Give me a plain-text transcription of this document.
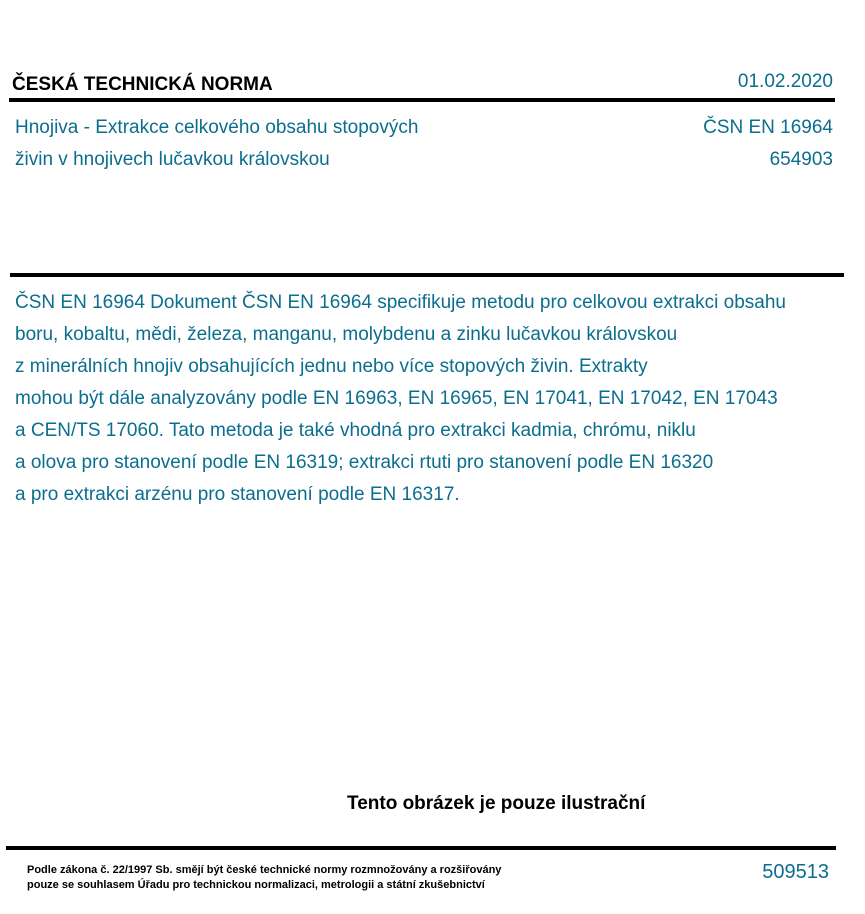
ČESKÁ TECHNICKÁ NORMA	01.02.2020
Hnojiva - Extrakce celkového obsahu stopových
živin v hnojivech lučavkou královskou
ČSN EN 16964
654903
ČSN EN 16964 Dokument ČSN EN 16964 specifikuje metodu pro celkovou extrakci obsahu
boru, kobaltu, mědi, železa, manganu, molybdenu a zinku lučavkou královskou
z minerálních hnojiv obsahujících jednu nebo více stopových živin. Extrakty
mohou být dále analyzovány podle EN 16963, EN 16965, EN 17041, EN 17042, EN 17043
a CEN/TS 17060. Tato metoda je také vhodná pro extrakci kadmia, chrómu, niklu
a olova pro stanovení podle EN 16319; extrakci rtuti pro stanovení podle EN 16320
a pro extrakci arzénu pro stanovení podle EN 16317.
Tento obrázek je pouze ilustrační
Podle zákona č. 22/1997 Sb. smějí být české technické normy rozmnožovány a rozšiřovány
pouze se souhlasem Úřadu pro technickou normalizaci, metrologii a státní zkušebnictví
509513
